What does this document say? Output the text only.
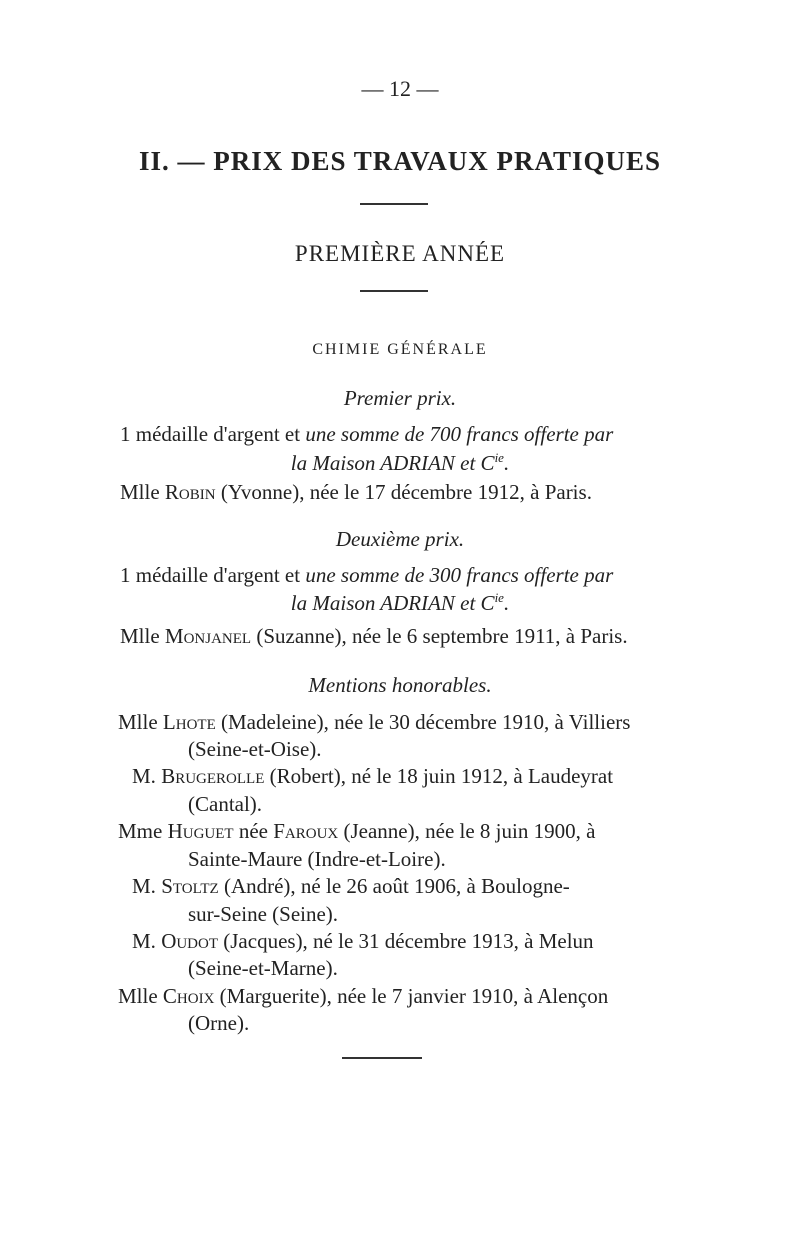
— 12 —
II. — PRIX DES TRAVAUX PRATIQUES
PREMIÈRE ANNÉE
CHIMIE GÉNÉRALE
Premier prix.
1 médaille d'argent et une somme de 700 francs offerte par
la Maison ADRIAN et $C^{ie}$.
Mlle Robin (Yvonne), née le 17 décembre 1912, à Paris.
Deuxième prix.
1 médaille d'argent et une somme de 300 francs offerte par
la Maison ADRIAN et $C^{ie}$.
Mlle Monjanel (Suzanne), née le 6 septembre 1911, à Paris.
Mentions honorables.
Mlle Lhote (Madeleine), née le 30 décembre 1910, à Villiers
(Seine-et-Oise).
M. Brugerolle (Robert), né le 18 juin 1912, à Laudeyrat
(Cantal).
Mme Huguet née Faroux (Jeanne), née le 8 juin 1900, à
Sainte-Maure (Indre-et-Loire).
M. Stoltz (André), né le 26 août 1906, à Boulogne-
sur-Seine (Seine).
M. Oudot (Jacques), né le 31 décembre 1913, à Melun
(Seine-et-Marne).
Mlle Choix (Marguerite), née le 7 janvier 1910, à Alençon
(Orne).
